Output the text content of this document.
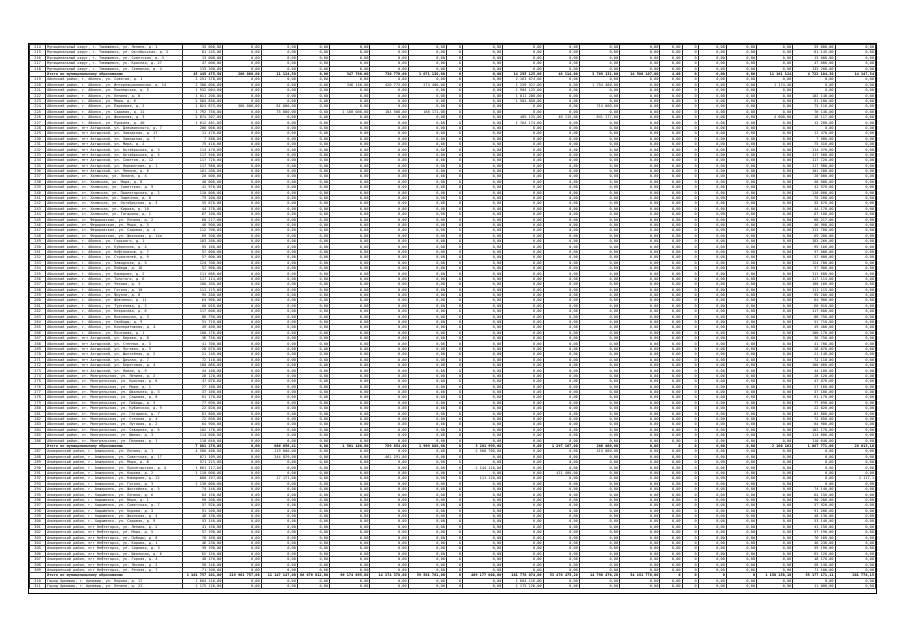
214	Муниципальный округ, г. Тимашевск, ул. Ленина, д. 1	35 000,00	0,00	0,00	0,00	0,00	0,00	0,00	0	0,00	0,00	0,00	0,00	0,00	0,00	0	0,00	0,00	0,00	35 000,00	0,00
215	Муниципальный округ, г. Тимашевск, ул. Октябрьская, д. 2	81 145,00	0,00	0,00	0,00	0,00	0,00	0,00	0	0,00	0,00	0,00	0,00	0,00	0,00	0	0,00	0,00	0,00	81 145,00	0,00
216	Муниципальный округ, г. Тимашевск, ул. Советская, д. 3	13 000,00	0,00	0,00	0,00	0,00	0,00	0,00	0	0,00	0,00	0,00	0,00	0,00	0,00	0	0,00	0,00	0,00	13 000,00	0,00
217	Муниципальный округ, г. Тимашевск, ул. Красная, д. 27	47 000,00	0,00	0,00	0,00	0,00	0,00	0,00	0	0,00	0,00	0,00	0,00	0,00	0,00	0	0,00	0,00	0,00	47 000,00	0,00
218	Муниципальный округ, г. Тимашевск, ул. Северная, д. 4	133 200,00	0,00	0,00	0,00	0,00	0,00	0,00	0	0,00	0,00	0,00	0,00	0,00	0,00	0	0,00	0,00	0,00	133 200,00	0,00
	Итого по муниципальному образованию	45 445 475,50	200 000,00	11 114,58	0,00	347 780,00	736 776,60	1 071 130,00	0	0,00	14 255 125,00	48 114,00	3 769 131,00	14 506 107,00	4,00	0	0,00	0,00	11 161 124	4 722 184,30	14 147,54
219	Абинский район, г. Абинск, ул. Советов, д. 1	2 251 378,00	0,00	0,00	0,00	0,00	0,00	0,00	0	0,00	2 163 674,00	0,00	0,00	0,00	0,00	0	0,00	0,00	0,00	0,00	0,00
220	Абинский район, г. Абинск, ул. Интернациональная, д. 14	2 300 006,00	0,00	0,00	0,00	346 140,00	420 775,00	274 400,00	0	0,00	1 259 521,00	0,00	1 754 400,00	0,00	0,00	0	0,00	0,00	1 174,40	0,00	0,00
221	Абинский район, г. Абинск, ул. Пионерская, д. 5	1 932 004,00	0,00	0,00	0,00	0,00	0,00	0,00	0	0,00	1 904 125,00	0,00	0,00	0,00	0,00	0	0,00	0,00	0,00	0,00	0,00
222	Абинский район, г. Абинск, ул. Ленина, д. 8	1 011 200,00	0,00	0,00	0,00	0,00	0,00	0,00	0	0,00	1 011 200,00	0,00	0,00	0,00	0,00	0	0,00	0,00	0,00	102 140,00	0,00
223	Абинский район, г. Абинск, ул. Мира, д. 6	1 584 850,00	0,00	0,00	0,00	0,00	0,00	0,00	0	0,00	1 584 850,00	0,00	0,00	0,00	0,00	0	0,00	0,00	0,00	51 100,00	0,00
224	Абинский район, г. Абинск, ул. Парковая, д. 2	1 824 875,00	300 000,00	81 000,00	0,00	0,00	0,00	0,00	0	0,00	0,00	0,00	714 000,00	0,00	0,00	0	0,00	0,00	0,00	75 116,00	0,00
225	Абинский район, г. Абинск, ул. Садовая, д. 11	1 792 750,00	0,00	75 000,00	0,00	1 100 000,00	184 500,00	166 171,00	0	0,00	0,00	0,00	0,00	0,00	0,00	0	0,00	0,00	0,00	76 140,00	0,00
226	Абинский район, г. Абинск, ул. Школьная, д. 3	1 874 207,00	0,00	0,00	0,00	0,00	0,00	0,00	0	0,00	485 125,00	46 115,00	641 177,00	0,00	0,00	0	0,00	0,00	4 000,00	16 117,00	0,00
227	Абинский район, г. Абинск, ул. Пушкина, д. 40	1 612 481,00	0,00	0,00	0,00	0,00	0,00	0,00	0	0,00	1 764 174,00	0,00	0,00	0,00	0,00	0	0,00	0,00	0,00	12 200,00	0,00
228	Абинский район, пгт Ахтырский, ул. Дзержинского, д. 7	286 000,00	0,00	0,00	0,00	0,00	0,00	0,00	0	0,00	0,00	0,00	0,00	0,00	0,00	0	0,00	0,00	0,00	0,00	0,00
229	Абинский район, пгт Ахтырский, ул. Заводская, д. 17	11 470,00	0,00	0,00	0,00	0,00	0,00	0,00	0	0,00	0,00	0,00	0,00	0,00	0,00	0	0,00	0,00	0,00	11 470,00	0,00
230	Абинский район, пгт Ахтырский, ул. Заводская, д. 7	7 580,00	0,00	0,00	0,00	0,00	0,00	0,00	0	0,00	0,00	0,00	0,00	0,00	0,00	0	0,00	0,00	0,00	7 580,00	0,00
231	Абинский район, пгт Ахтырский, ул. Мира, д. 2	75 410,00	0,00	0,00	0,00	0,00	0,00	0,00	0	0,00	0,00	0,00	0,00	0,00	0,00	0	0,00	0,00	0,00	75 410,00	0,00
232	Абинский район, пгт Ахтырский, ул. Октябрьская, д. 3	114 470,00	0,00	0,00	0,00	0,00	0,00	0,00	0	0,00	0,00	0,00	0,00	0,00	0,00	0	0,00	0,00	0,00	114 470,00	0,00
233	Абинский район, пгт Ахтырский, ул. Октябрьская, д. 5	117 500,00	0,00	0,00	0,00	0,00	0,00	0,00	0	0,00	0,00	0,00	0,00	0,00	0,00	0	0,00	0,00	0,00	117 500,00	0,00
234	Абинский район, пгт Ахтырский, ул. Советов, д. 12	117 720,00	0,00	0,00	0,00	0,00	0,00	0,00	0	0,00	0,00	0,00	0,00	0,00	0,00	0	0,00	0,00	0,00	117 720,00	0,00
235	Абинский район, пгт Ахтырский, ул. Лермонтова, д. 1	117 980,00	0,00	0,00	0,00	0,00	0,00	0,00	0	0,00	0,00	0,00	0,00	0,00	0,00	0	0,00	0,00	0,00	117 980,00	0,00
236	Абинский район, пгт Ахтырский, ул. Ленина, д. 6	101 280,00	0,00	0,00	0,00	0,00	0,00	0,00	0	0,00	0,00	0,00	0,00	0,00	0,00	0	0,00	0,00	0,00	101 280,00	0,00
237	Абинский район, ст. Холмская, ул. Ленина, д. 4	20 000,00	0,00	0,00	0,00	0,00	0,00	0,00	0	0,00	0,00	0,00	0,00	0,00	0,00	0	0,00	0,00	0,00	20 000,00	0,00
238	Абинский район, ст. Холмская, ул. Мира, д. 8	40 000,00	0,00	0,00	0,00	0,00	0,00	0,00	0	0,00	0,00	0,00	0,00	0,00	0,00	0	0,00	0,00	0,00	40 000,00	0,00
239	Абинский район, ст. Холмская, ул. Советская, д. 9	41 970,00	0,00	0,00	0,00	0,00	0,00	0,00	0	0,00	0,00	0,00	0,00	0,00	0,00	0	0,00	0,00	0,00	41 970,00	0,00
240	Абинский район, ст. Холмская, ул. Пролетарская, д. 2	110 000,00	0,00	0,00	0,00	0,00	0,00	0,00	0	0,00	0,00	0,00	0,00	0,00	0,00	0	0,00	0,00	0,00	110 000,00	0,00
241	Абинский район, ст. Холмская, ул. Заречная, д. 6	75 200,00	0,00	0,00	0,00	0,00	0,00	0,00	0	0,00	0,00	0,00	0,00	0,00	0,00	0	0,00	0,00	0,00	75 200,00	0,00
242	Абинский район, ст. Холмская, ул. Октябрьская, д. 3	55 670,00	0,00	0,00	0,00	0,00	0,00	0,00	0	0,00	0,00	0,00	0,00	0,00	0,00	0	0,00	0,00	0,00	55 670,00	0,00
243	Абинский район, ст. Холмская, ул. Кирова, д. 10	44 170,00	0,00	0,00	0,00	0,00	0,00	0,00	0	0,00	0,00	0,00	0,00	0,00	0,00	0	0,00	0,00	0,00	44 170,00	0,00
244	Абинский район, ст. Холмская, ул. Гагарина, д. 1	67 100,00	0,00	0,00	0,00	0,00	0,00	0,00	0	0,00	0,00	0,00	0,00	0,00	0,00	0	0,00	0,00	0,00	67 100,00	0,00
245	Абинский район, ст. Федоровская, ул. Ленина, д. 2	68 217,00	0,00	0,00	0,00	0,00	0,00	0,00	0	0,00	0,00	0,00	0,00	0,00	0,00	0	0,00	0,00	0,00	68 217,00	0,00
246	Абинский район, ст. Федоровская, ул. Мира, д. 5	46 900,00	0,00	0,00	0,00	0,00	0,00	0,00	0	0,00	0,00	0,00	0,00	0,00	0,00	0	0,00	0,00	0,00	46 900,00	0,00
247	Абинский район, ст. Федоровская, ул. Садовая, д. 4	112 700,00	0,00	0,00	0,00	0,00	0,00	0,00	0	0,00	0,00	0,00	0,00	0,00	0,00	0	0,00	0,00	0,00	112 700,00	0,00
248	Абинский район, ст. Федоровская, ул. Школьная, д. 14а	69 200,00	0,00	0,00	0,00	0,00	0,00	0,00	0	0,00	0,00	0,00	0,00	0,00	0,00	0	0,00	0,00	0,00	69 200,00	0,00
249	Абинский район, г. Абинск, ул. Горького, д. 1	183 260,00	0,00	0,00	0,00	0,00	0,00	0,00	0	0,00	0,00	0,00	0,00	0,00	0,00	0	0,00	0,00	0,00	183 260,00	0,00
250	Абинский район, г. Абинск, ул. Кубанская, д. 4	95 160,00	0,00	0,00	0,00	0,00	0,00	0,00	0	0,00	0,00	0,00	0,00	0,00	0,00	0	0,00	0,00	0,00	95 160,00	0,00
251	Абинский район, г. Абинск, ул. Нефтяников, д. 7	57 000,00	0,00	0,00	0,00	0,00	0,00	0,00	0	0,00	0,00	0,00	0,00	0,00	0,00	0	0,00	0,00	0,00	57 000,00	0,00
252	Абинский район, г. Абинск, ул. Строителей, д. 9	57 000,00	0,00	0,00	0,00	0,00	0,00	0,00	0	0,00	0,00	0,00	0,00	0,00	0,00	0	0,00	0,00	0,00	57 000,00	0,00
253	Абинский район, г. Абинск, ул. Заводская, д. 5	124 700,00	0,00	0,00	0,00	0,00	0,00	0,00	0	0,00	0,00	0,00	0,00	0,00	0,00	0	0,00	0,00	0,00	124 700,00	0,00
254	Абинский район, г. Абинск, ул. Победы, д. 18	57 900,00	0,00	0,00	0,00	0,00	0,00	0,00	0	0,00	0,00	0,00	0,00	0,00	0,00	0	0,00	0,00	0,00	57 900,00	0,00
255	Абинский район, г. Абинск, ул. Комарова, д. 2	111 680,00	0,00	0,00	0,00	0,00	0,00	0,00	0	0,00	0,00	0,00	0,00	0,00	0,00	0	0,00	0,00	0,00	111 680,00	0,00
256	Абинский район, г. Абинск, ул. Толстого, д. 6	117 114,00	0,00	0,00	0,00	0,00	0,00	0,00	0	0,00	0,00	0,00	0,00	0,00	0,00	0	0,00	0,00	0,00	117 114,00	0,00
257	Абинский район, г. Абинск, ул. Чехова, д. 3	100 160,00	0,00	0,00	0,00	0,00	0,00	0,00	0	0,00	0,00	0,00	0,00	0,00	0,00	0	0,00	0,00	0,00	100 160,00	0,00
258	Абинский район, г. Абинск, ул. Гоголя, д. 10	111 115,00	0,00	0,00	0,00	0,00	0,00	0,00	0	0,00	0,00	0,00	0,00	0,00	0,00	0	0,00	0,00	0,00	111 115,00	0,00
259	Абинский район, г. Абинск, ул. Фрунзе, д. 8	95 200,00	0,00	0,00	0,00	0,00	0,00	0,00	0	0,00	0,00	0,00	0,00	0,00	0,00	0	0,00	0,00	0,00	95 200,00	0,00
260	Абинский район, г. Абинск, ул. Шевченко, д. 11	64 900,00	0,00	0,00	0,00	0,00	0,00	0,00	0	0,00	0,00	0,00	0,00	0,00	0,00	0	0,00	0,00	0,00	64 900,00	0,00
261	Абинский район, г. Абинск, ул. Тургенева, д. 2	60 010,00	0,00	0,00	0,00	0,00	0,00	0,00	0	0,00	0,00	0,00	0,00	0,00	0,00	0	0,00	0,00	0,00	60 010,00	0,00
262	Абинский район, г. Абинск, ул. Некрасова, д. 6	117 600,00	0,00	0,00	0,00	0,00	0,00	0,00	0	0,00	0,00	0,00	0,00	0,00	0,00	0	0,00	0,00	0,00	117 600,00	0,00
263	Абинский район, г. Абинск, ул. Вокзальная, д. 3	86 750,00	0,00	0,00	0,00	0,00	0,00	0,00	0	0,00	0,00	0,00	0,00	0,00	0,00	0	0,00	0,00	0,00	86 750,00	0,00
264	Абинский район, г. Абинск, ул. Свободы, д. 9	51 710,00	0,00	0,00	0,00	0,00	0,00	0,00	0	0,00	0,00	0,00	0,00	0,00	0,00	0	0,00	0,00	0,00	51 710,00	0,00
265	Абинский район, г. Абинск, ул. Кооперативная, д. 4	49 400,00	0,00	0,00	0,00	0,00	0,00	0,00	0	0,00	0,00	0,00	0,00	0,00	0,00	0	0,00	0,00	0,00	49 400,00	0,00
266	Абинский район, г. Абинск, ул. Почтовая, д. 1	100 170,00	0,00	0,00	0,00	0,00	0,00	0,00	0	0,00	0,00	0,00	0,00	0,00	0,00	0	0,00	0,00	0,00	100 170,00	0,00
267	Абинский район, пгт Ахтырский, ул. Кирова, д. 8	36 750,00	0,00	0,00	0,00	0,00	0,00	0,00	0	0,00	0,00	0,00	0,00	0,00	0,00	0	0,00	0,00	0,00	36 750,00	0,00
268	Абинский район, пгт Ахтырский, ул. Степная, д. 3	41 700,00	0,00	0,00	0,00	0,00	0,00	0,00	0	0,00	0,00	0,00	0,00	0,00	0,00	0	0,00	0,00	0,00	41 700,00	0,00
269	Абинский район, пгт Ахтырский, ул. Луговая, д. 5	28 070,00	0,00	0,00	0,00	0,00	0,00	0,00	0	0,00	0,00	0,00	0,00	0,00	0,00	0	0,00	0,00	0,00	28 070,00	0,00
270	Абинский район, пгт Ахтырский, ул. Шоссейная, д. 2	21 140,00	0,00	0,00	0,00	0,00	0,00	0,00	0	0,00	0,00	0,00	0,00	0,00	0,00	0	0,00	0,00	0,00	21 140,00	0,00
271	Абинский район, пгт Ахтырский, ул. Дачная, д. 7	72 110,00	0,00	0,00	0,00	0,00	0,00	0,00	0	0,00	0,00	0,00	0,00	0,00	0,00	0	0,00	0,00	0,00	72 110,00	0,00
272	Абинский район, пгт Ахтырский, ул. Береговая, д. 4	100 060,00	0,00	0,00	0,00	0,00	0,00	0,00	0	0,00	0,00	0,00	0,00	0,00	0,00	0	0,00	0,00	0,00	100 060,00	0,00
273	Абинский район, пгт Ахтырский, ул. Новая, д. 9	44 100,00	0,00	0,00	0,00	0,00	0,00	0,00	0	0,00	0,00	0,00	0,00	0,00	0,00	0	0,00	0,00	0,00	44 100,00	0,00
274	Абинский район, ст. Мингрельская, ул. Ленина, д. 2	26 120,00	0,00	0,00	0,00	0,00	0,00	0,00	0	0,00	0,00	0,00	0,00	0,00	0,00	0	0,00	0,00	0,00	26 120,00	0,00
275	Абинский район, ст. Мингрельская, ул. Красная, д. 6	47 070,00	0,00	0,00	0,00	0,00	0,00	0,00	0	0,00	0,00	0,00	0,00	0,00	0,00	0	0,00	0,00	0,00	47 070,00	0,00
276	Абинский район, ст. Мингрельская, ул. Мира, д. 1	27 160,00	0,00	0,00	0,00	0,00	0,00	0,00	0	0,00	0,00	0,00	0,00	0,00	0,00	0	0,00	0,00	0,00	27 160,00	0,00
277	Абинский район, ст. Мингрельская, ул. Школьная, д. 3	37 180,00	0,00	0,00	0,00	0,00	0,00	0,00	0	0,00	0,00	0,00	0,00	0,00	0,00	0	0,00	0,00	0,00	37 180,00	0,00
278	Абинский район, ст. Мингрельская, ул. Садовая, д. 8	61 170,00	0,00	0,00	0,00	0,00	0,00	0,00	0	0,00	0,00	0,00	0,00	0,00	0,00	0	0,00	0,00	0,00	61 170,00	0,00
279	Абинский район, ст. Мингрельская, ул. Победы, д. 5	77 690,00	0,00	0,00	0,00	0,00	0,00	0,00	0	0,00	0,00	0,00	0,00	0,00	0,00	0	0,00	0,00	0,00	77 690,00	0,00
280	Абинский район, ст. Мингрельская, ул. Кубанская, д. 9	22 020,00	0,00	0,00	0,00	0,00	0,00	0,00	0	0,00	0,00	0,00	0,00	0,00	0,00	0	0,00	0,00	0,00	22 020,00	0,00
281	Абинский район, ст. Мингрельская, ул. Гагарина, д. 7	81 800,00	0,00	0,00	0,00	0,00	0,00	0,00	0	0,00	0,00	0,00	0,00	0,00	0,00	0	0,00	0,00	0,00	81 800,00	0,00
282	Абинский район, ст. Мингрельская, ул. Степная, д. 4	72 650,00	0,00	0,00	0,00	0,00	0,00	0,00	0	0,00	0,00	0,00	0,00	0,00	0,00	0	0,00	0,00	0,00	72 650,00	0,00
283	Абинский район, ст. Мингрельская, ул. Луговая, д. 2	64 900,00	0,00	0,00	0,00	0,00	0,00	0,00	0	0,00	0,00	0,00	0,00	0,00	0,00	0	0,00	0,00	0,00	64 900,00	0,00
284	Абинский район, ст. Мингрельская, ул. Северная, д. 6	102 170,00	0,00	0,00	0,00	0,00	0,00	0,00	0	0,00	0,00	0,00	0,00	0,00	0,00	0	0,00	0,00	0,00	102 170,00	0,00
285	Абинский район, ст. Мингрельская, ул. Южная, д. 3	114 600,00	0,00	0,00	0,00	0,00	0,00	0,00	0	0,00	0,00	0,00	0,00	0,00	0,00	0	0,00	0,00	0,00	114 600,00	0,00
286	Абинский район, ст. Мингрельская, ул. Полевая, д. 1	110 640,00	0,00	0,00	0,00	0,00	0,00	0,00	0	0,00	0,00	0,00	0,00	0,00	0,00	0	0,00	0,00	0,00	110 640,00	0,00
	Итого по муниципальному образованию	7 881 176,00	0,00	686 656,41	0,00	1 561 106,00	789 654,00	1 969 880,00	0	3 201 999,00	0,00	1 297 167,00	266 400,00	0,00	0	0	0,00	0,00	2 160 161	1 087 771,00	28 613,16
287	Апшеронский район, г. Апшеронск, ул. Ленина, д. 1	4 500 400,00	0,00	119 000,00	0,00	0,00	0,00	0,00	0	2 500 700,00	0,00	0,00	415 000,00	0,00	0,00	0	0,00	0,00	0,00	0,00	0,00
288	Апшеронский район, г. Апшеронск, ул. Советская, д. 17	671 109,00	0,00	244 829,00	0,00	0,00	461 291,00	0,00	0	0,00	0,00	0,00	0,00	0,00	0,00	0	0,00	0,00	0,00	0,00	0,00
289	Апшеронский район, г. Апшеронск, ул. Мира, д. 8	571 215,00	0,00	0,00	0,00	0,00	0,00	0,00	0	0,00	0,00	0,00	0,00	0,00	0,00	0	0,00	0,00	0,00	0,00	0,00
290	Апшеронский район, г. Апшеронск, ул. Пролетарская, д. 4	1 661 117,00	0,00	0,00	0,00	0,00	0,00	0,00	0	1 144 110,00	0,00	0,00	0,00	0,00	0,00	0	0,00	0,00	0,00	0,00	0,00
291	Апшеронский район, г. Апшеронск, ул. Кирова, д. 2	1 110 000,00	0,00	0,00	0,00	0,00	0,00	0,00	0	0,00	0,00	411 400,00	0,00	0,00	0,00	0	0,00	0,00	0,00	0,00	0,00
292	Апшеронский район, г. Апшеронск, ул. Комарова, д. 12	600 157,00	0,00	17 171,00	0,00	0,00	0,00	0,00	0	111 110,00	0,00	0,00	0,00	0,00	0,00	0	0,00	0,00	0,00	0,00	1 117,1
293	Апшеронский район, г. Апшеронск, ул. Гоголя, д. 3	1 130 000,00	0,00	0,00	0,00	0,00	0,00	0,00	0	0,00	0,00	0,00	0,00	0,00	0,00	0	0,00	0,00	0,00	0,00	0,00
294	Апшеронский район, г. Апшеронск, ул. Шоссейная, д. 5	74 140,00	0,00	0,00	0,00	0,00	0,00	0,00	0	0,00	0,00	0,00	0,00	0,00	0,00	0	0,00	0,00	0,00	74 140,00	0,00
295	Апшеронский район, г. Хадыженск, ул. Ленина, д. 6	64 150,00	0,00	0,00	0,00	0,00	0,00	0,00	0	0,00	0,00	0,00	0,00	0,00	0,00	0	0,00	0,00	0,00	64 150,00	0,00
296	Апшеронский район, г. Хадыженск, ул. Мира, д. 1	90 200,00	0,00	0,00	0,00	0,00	0,00	0,00	0	0,00	0,00	0,00	0,00	0,00	0,00	0	0,00	0,00	0,00	90 200,00	0,00
297	Апшеронский район, г. Хадыженск, ул. Советская, д. 7	57 920,00	0,00	0,00	0,00	0,00	0,00	0,00	0	0,00	0,00	0,00	0,00	0,00	0,00	0	0,00	0,00	0,00	57 920,00	0,00
298	Апшеронский район, г. Хадыженск, ул. Кирова, д. 3	91 200,00	0,00	0,00	0,00	0,00	0,00	0,00	0	0,00	0,00	0,00	0,00	0,00	0,00	0	0,00	0,00	0,00	91 200,00	0,00
299	Апшеронский район, г. Хадыженск, ул. Школьная, д. 4	48 130,00	0,00	0,00	0,00	0,00	0,00	0,00	0	0,00	0,00	0,00	0,00	0,00	0,00	0	0,00	0,00	0,00	48 130,00	0,00
300	Апшеронский район, г. Хадыженск, ул. Садовая, д. 9	53 140,00	0,00	0,00	0,00	0,00	0,00	0,00	0	0,00	0,00	0,00	0,00	0,00	0,00	0	0,00	0,00	0,00	53 140,00	0,00
301	Апшеронский район, пгт Нефтегорск, ул. Ленина, д. 2	41 150,00	0,00	0,00	0,00	0,00	0,00	0,00	0	0,00	0,00	0,00	0,00	0,00	0,00	0	0,00	0,00	0,00	41 150,00	0,00
302	Апшеронский район, пгт Нефтегорск, ул. Мира, д. 5	57 190,00	0,00	0,00	0,00	0,00	0,00	0,00	0	0,00	0,00	0,00	0,00	0,00	0,00	0	0,00	0,00	0,00	57 190,00	0,00
303	Апшеронский район, пгт Нефтегорск, ул. Победы, д. 8	76 160,00	0,00	0,00	0,00	0,00	0,00	0,00	0	0,00	0,00	0,00	0,00	0,00	0,00	0	0,00	0,00	0,00	76 160,00	0,00
304	Апшеронский район, пгт Нефтегорск, ул. Кирова, д. 1	46 230,00	0,00	0,00	0,00	0,00	0,00	0,00	0	0,00	0,00	0,00	0,00	0,00	0,00	0	0,00	0,00	0,00	46 230,00	0,00
305	Апшеронский район, пгт Нефтегорск, ул. Садовая, д. 3	39 190,00	0,00	0,00	0,00	0,00	0,00	0,00	0	0,00	0,00	0,00	0,00	0,00	0,00	0	0,00	0,00	0,00	39 190,00	0,00
306	Апшеронский район, пгт Нефтегорск, ул. Школьная, д. 6	62 120,00	0,00	0,00	0,00	0,00	0,00	0,00	0	0,00	0,00	0,00	0,00	0,00	0,00	0	0,00	0,00	0,00	62 120,00	0,00
307	Апшеронский район, пгт Нефтегорск, ул. Горная, д. 4	48 170,00	0,00	0,00	0,00	0,00	0,00	0,00	0	0,00	0,00	0,00	0,00	0,00	0,00	0	0,00	0,00	0,00	48 170,00	0,00
308	Апшеронский район, пгт Нефтегорск, ул. Лесная, д. 2	58 140,00	0,00	0,00	0,00	0,00	0,00	0,00	0	0,00	0,00	0,00	0,00	0,00	0,00	0	0,00	0,00	0,00	58 140,00	0,00
309	Апшеронский район, пгт Нефтегорск, ул. Речная, д. 7	71 100,00	0,00	0,00	0,00	0,00	0,00	0,00	0	0,00	0,00	0,00	0,00	0,00	0,00	0	0,00	0,00	0,00	71 100,00	0,00
	Итого по муниципальному образованию	1 161 757 101,00	219 961 757,00	11 147 147,00	86 676 612,00	96 174 695,00	14 174 370,00	59 561 761,00	0	469 177 000,00	181 776 074,00	53 476 475,20	14 798 476,20	54 191 778,00	0	0	0	0	1 150 158,10	55 177 171,11	201 778,15
310	Город Армавир, г. Армавир, ул. Кирова, д. 17	1 604 116,00	0,00	0,00	0,00	0,00	0,00	0,00	0	0,00	1 604 116,00	0,00	0,00	0,00	0,00	0	0,00	0,00	0,00	0,00	0,00
311	Город Армавир, г. Армавир, ул. Ленина, д. 21	1 175 126,00	0,00	0,00	0,00	0,00	0,00	0,00	0	0,00	1 175 126,00	0,00	0,00	0,00	0,00	0	0,00	0,00	0,00	11 000,00	0,00
